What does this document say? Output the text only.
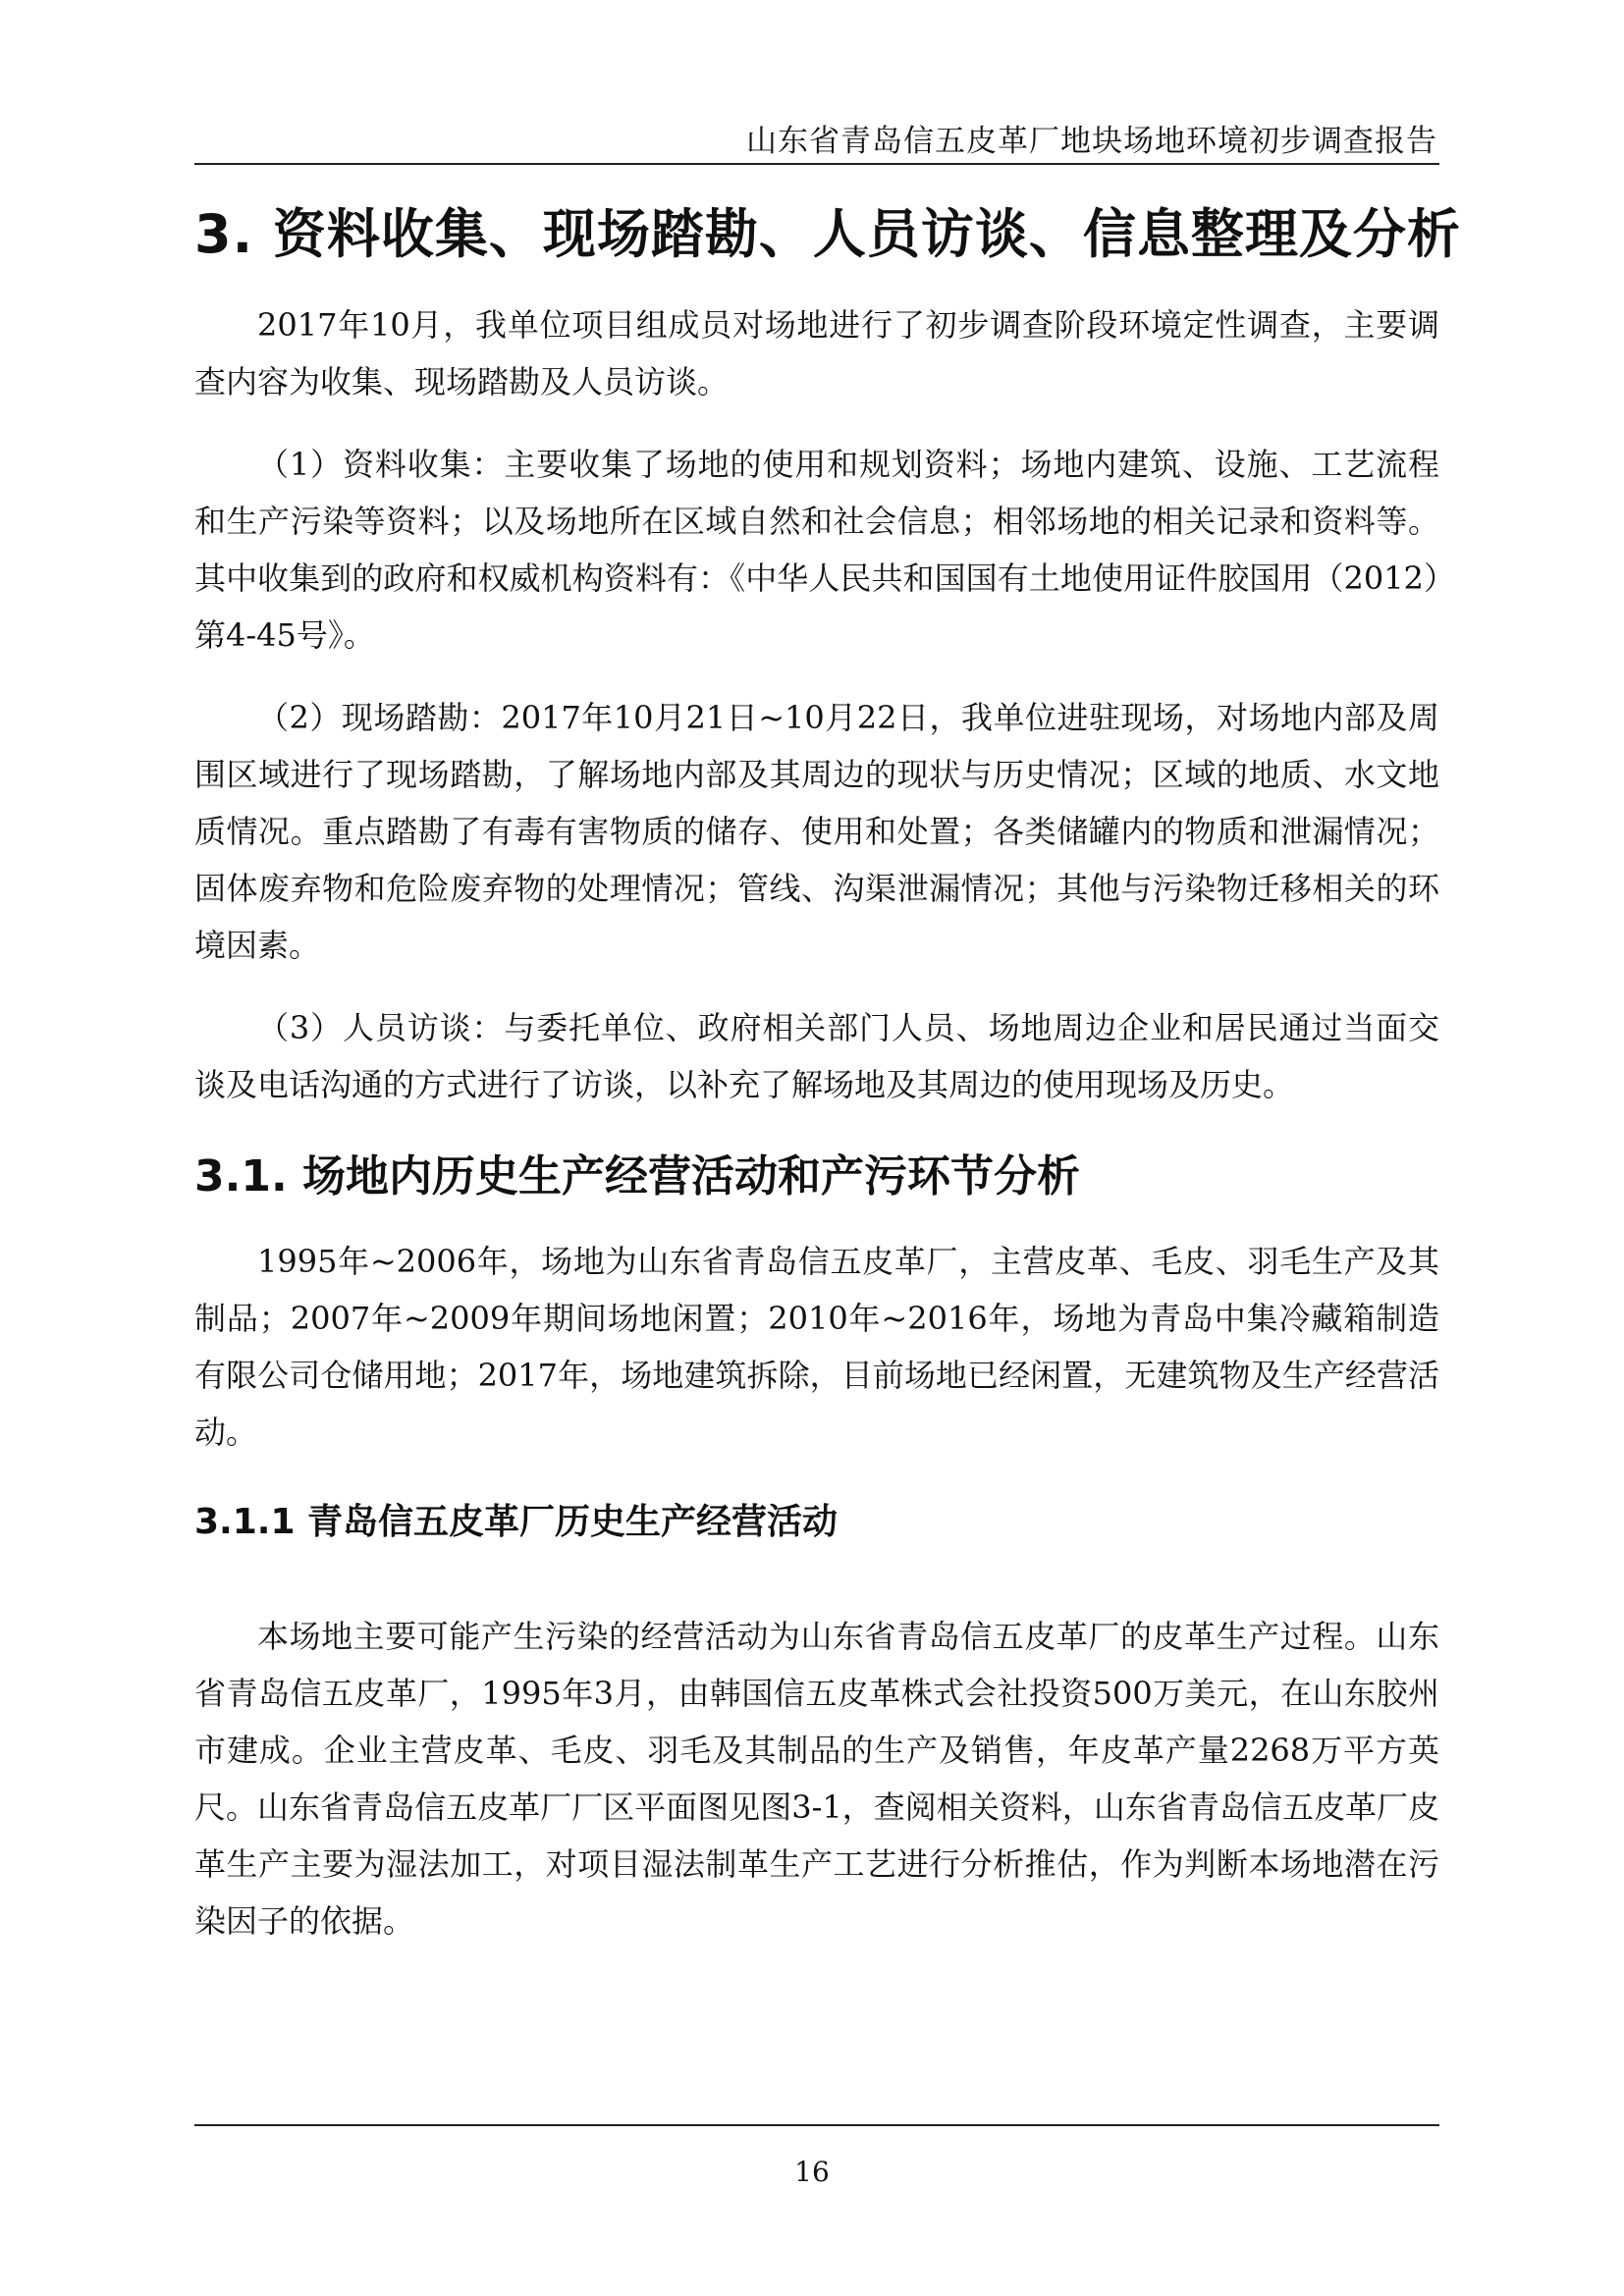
山东省青岛信五皮革厂地块场地环境初步调查报告
3. 资料收集、现场踏勘、人员访谈、信息整理及分析

2017年10月，我单位项目组成员对场地进行了初步调查阶段环境定性调查，主要调查内容为收集、现场踏勘及人员访谈。

（1）资料收集：主要收集了场地的使用和规划资料；场地内建筑、设施、工艺流程和生产污染等资料；以及场地所在区域自然和社会信息；相邻场地的相关记录和资料等。其中收集到的政府和权威机构资料有：《中华人民共和国国有土地使用证件胶国用（2012）第4-45号》。

（2）现场踏勘：2017年10月21日~10月22日，我单位进驻现场，对场地内部及周围区域进行了现场踏勘，了解场地内部及其周边的现状与历史情况；区域的地质、水文地质情况。重点踏勘了有毒有害物质的储存、使用和处置；各类储罐内的物质和泄漏情况；固体废弃物和危险废弃物的处理情况；管线、沟渠泄漏情况；其他与污染物迁移相关的环境因素。

（3）人员访谈：与委托单位、政府相关部门人员、场地周边企业和居民通过当面交谈及电话沟通的方式进行了访谈，以补充了解场地及其周边的使用现场及历史。

3.1. 场地内历史生产经营活动和产污环节分析

1995年~2006年，场地为山东省青岛信五皮革厂，主营皮革、毛皮、羽毛生产及其制品；2007年~2009年期间场地闲置；2010年~2016年，场地为青岛中集冷藏箱制造有限公司仓储用地；2017年，场地建筑拆除，目前场地已经闲置，无建筑物及生产经营活动。

3.1.1 青岛信五皮革厂历史生产经营活动

本场地主要可能产生污染的经营活动为山东省青岛信五皮革厂的皮革生产过程。山东省青岛信五皮革厂，1995年3月，由韩国信五皮革株式会社投资500万美元，在山东胶州市建成。企业主营皮革、毛皮、羽毛及其制品的生产及销售，年皮革产量2268万平方英尺。山东省青岛信五皮革厂厂区平面图见图3-1，查阅相关资料，山东省青岛信五皮革厂皮革生产主要为湿法加工，对项目湿法制革生产工艺进行分析推估，作为判断本场地潜在污染因子的依据。

16
